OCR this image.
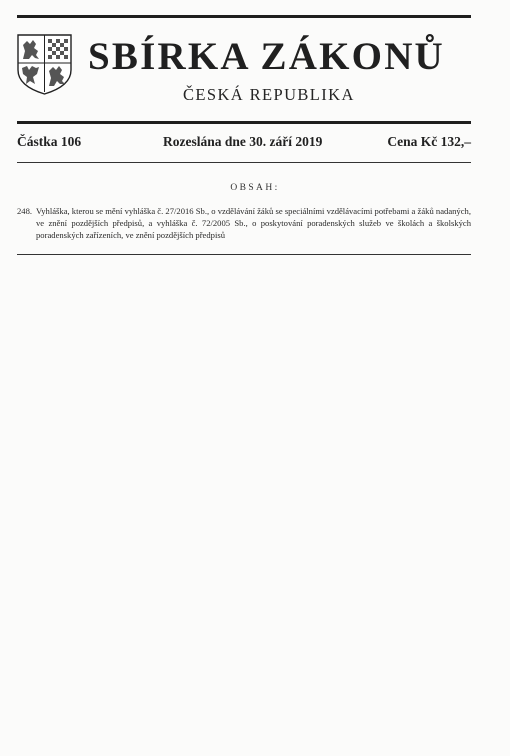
SBÍRKA ZÁKONŮ
ČESKÁ REPUBLIKA
Částka 106	Rozeslána dne 30. září 2019	Cena Kč 132,–
OBSAH:
248. Vyhláška, kterou se mění vyhláška č. 27/2016 Sb., o vzdělávání žáků se speciálními vzdělávacími potřebami a žáků nadaných, ve znění pozdějších předpisů, a vyhláška č. 72/2005 Sb., o poskytování poradenských služeb ve školách a školských poradenských zařízeních, ve znění pozdějších předpisů
